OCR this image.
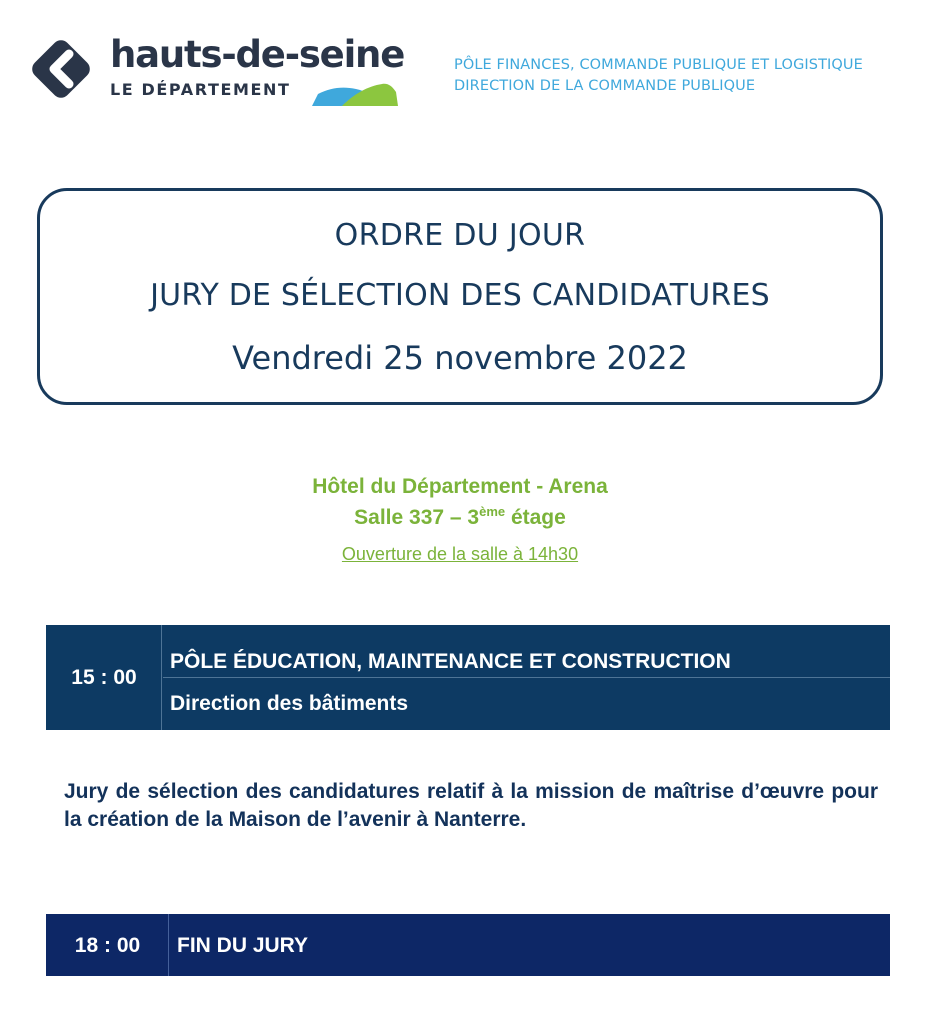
hauts-de-seine
LE DÉPARTEMENT
PÔLE FINANCES, COMMANDE PUBLIQUE ET LOGISTIQUE
DIRECTION DE LA COMMANDE PUBLIQUE
ORDRE DU JOUR
JURY DE SÉLECTION DES CANDIDATURES
Vendredi 25 novembre 2022
Hôtel du Département - Arena
Salle 337 – 3ème étage
Ouverture de la salle à 14h30
15 : 00
PÔLE ÉDUCATION, MAINTENANCE ET CONSTRUCTION
Direction des bâtiments

Jury de sélection des candidatures relatif à la mission de maîtrise d’œuvre pour la création de la Maison de l’avenir à Nanterre.

18 : 00	FIN DU JURY
